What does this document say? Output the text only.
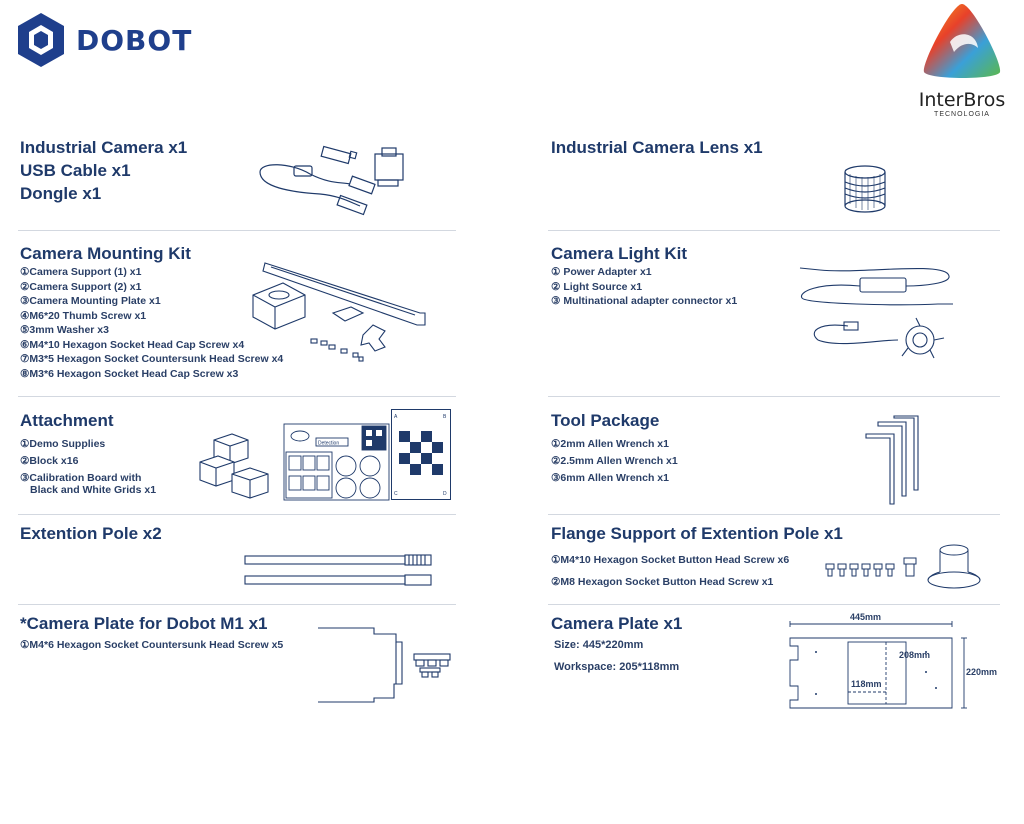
DOBOT
InterBros
TECNOLOGIA
Industrial Camera x1
USB Cable x1
Dongle x1
Industrial Camera Lens x1
Camera Mounting Kit
①Camera Support (1) x1
②Camera Support (2) x1
③Camera Mounting Plate x1
④M6*20 Thumb Screw x1
⑤3mm Washer x3
⑥M4*10 Hexagon Socket Head Cap Screw x4
⑦M3*5 Hexagon Socket Countersunk Head Screw x4
⑧M3*6 Hexagon Socket Head Cap Screw x3
Camera Light Kit
① Power Adapter x1
② Light Source x1
③ Multinational adapter connector x1
Attachment
①Demo Supplies
②Block x16
③Calibration Board with
Black and White Grids x1
Detection
A	B
C	D
Tool Package
①2mm Allen Wrench x1
②2.5mm Allen Wrench x1
③6mm Allen Wrench x1
Extention Pole x2	Flange Support of Extention Pole x1
①M4*10 Hexagon Socket Button Head Screw x6
②M8 Hexagon Socket Button Head Screw x1
*Camera Plate for Dobot M1 x1
①M4*6 Hexagon Socket Countersunk Head Screw x5
Camera Plate x1
Size: 445*220mm
Workspace: 205*118mm
445mm
220mm
208mm
118mm
